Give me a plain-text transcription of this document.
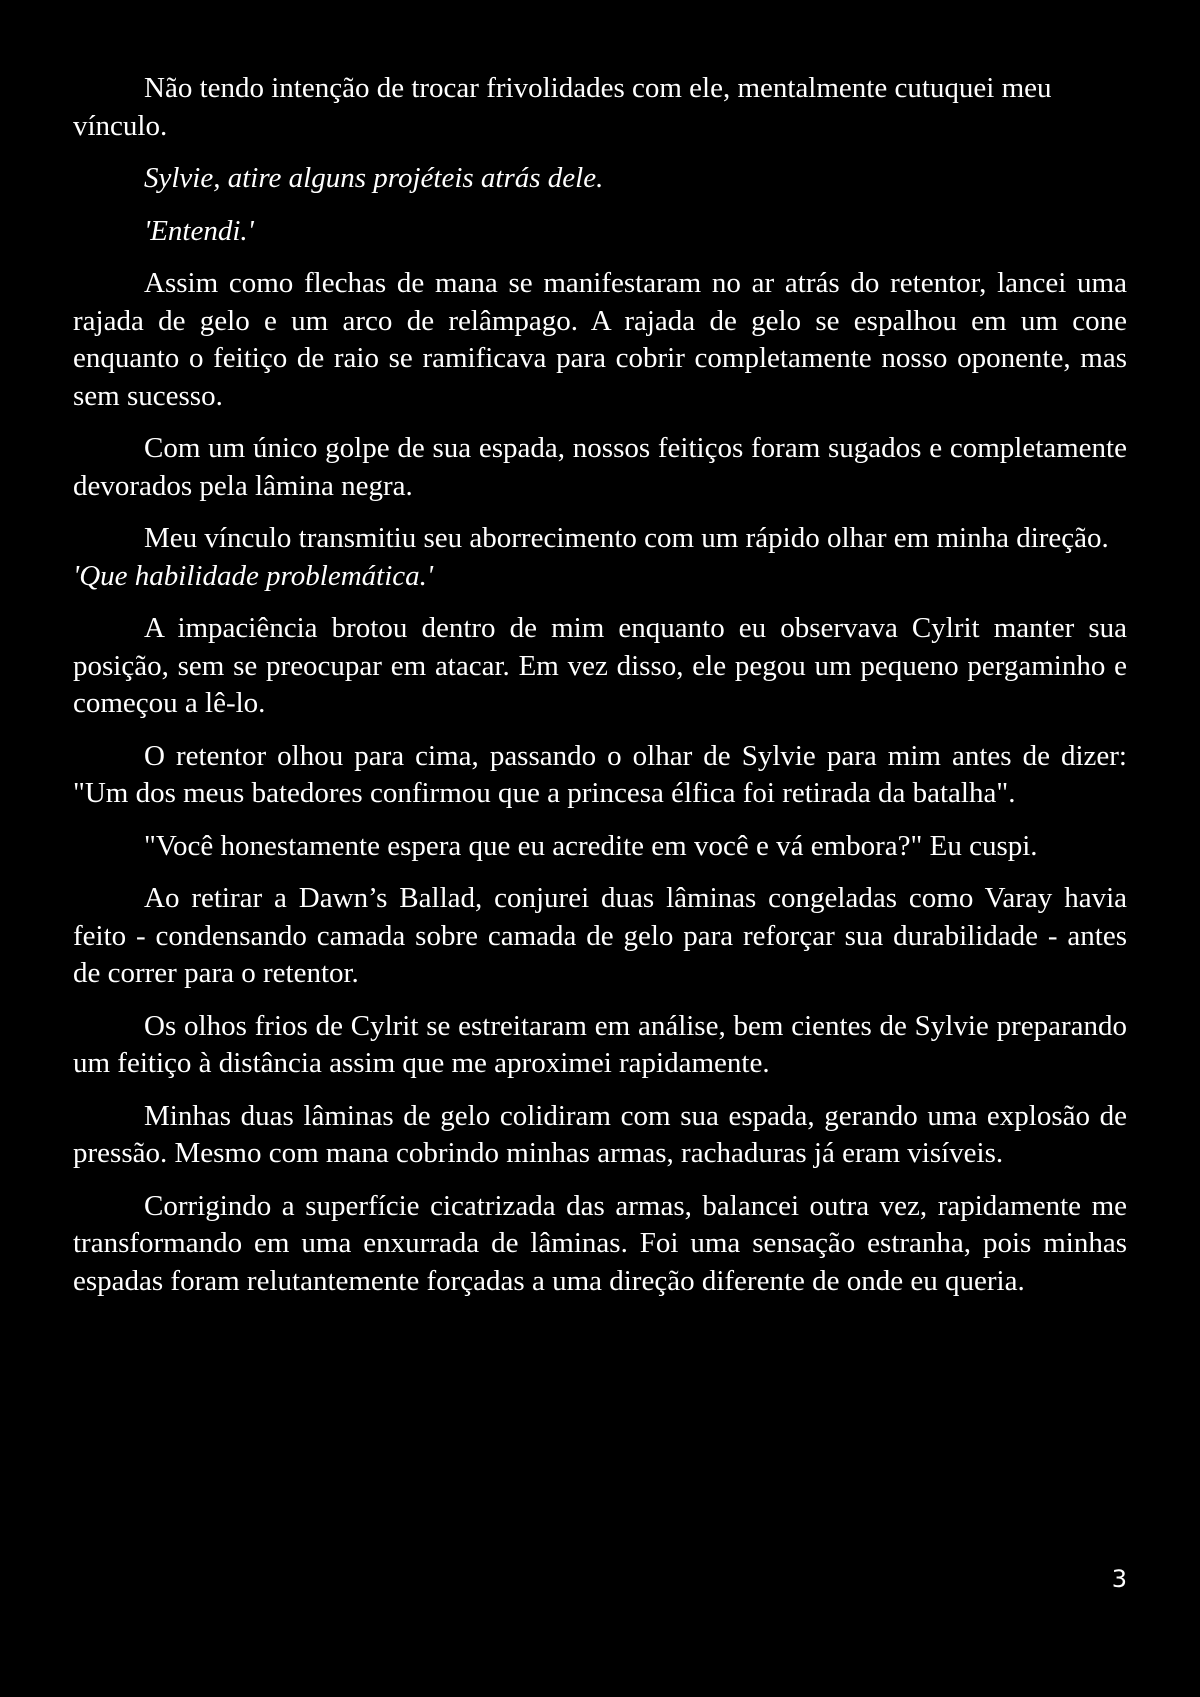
Não tendo intenção de trocar frivolidades com ele, mentalmente cutuquei meu vínculo.

Sylvie, atire alguns projéteis atrás dele.

'Entendi.'

Assim como flechas de mana se manifestaram no ar atrás do retentor, lancei uma rajada de gelo e um arco de relâmpago. A rajada de gelo se espalhou em um cone enquanto o feitiço de raio se ramificava para cobrir completamente nosso oponente, mas sem sucesso.

Com um único golpe de sua espada, nossos feitiços foram sugados e completamente devorados pela lâmina negra.

Meu vínculo transmitiu seu aborrecimento com um rápido olhar em minha direção. 'Que habilidade problemática.'

A impaciência brotou dentro de mim enquanto eu observava Cylrit manter sua posição, sem se preocupar em atacar. Em vez disso, ele pegou um pequeno pergaminho e começou a lê-lo.

O retentor olhou para cima, passando o olhar de Sylvie para mim antes de dizer: "Um dos meus batedores confirmou que a princesa élfica foi retirada da batalha".

"Você honestamente espera que eu acredite em você e vá embora?" Eu cuspi.

Ao retirar a Dawn’s Ballad, conjurei duas lâminas congeladas como Varay havia feito - condensando camada sobre camada de gelo para reforçar sua durabilidade - antes de correr para o retentor.

Os olhos frios de Cylrit se estreitaram em análise, bem cientes de Sylvie preparando um feitiço à distância assim que me aproximei rapidamente.

Minhas duas lâminas de gelo colidiram com sua espada, gerando uma explosão de pressão. Mesmo com mana cobrindo minhas armas, rachaduras já eram visíveis.

Corrigindo a superfície cicatrizada das armas, balancei outra vez, rapidamente me transformando em uma enxurrada de lâminas. Foi uma sensação estranha, pois minhas espadas foram relutantemente forçadas a uma direção diferente de onde eu queria.

3
